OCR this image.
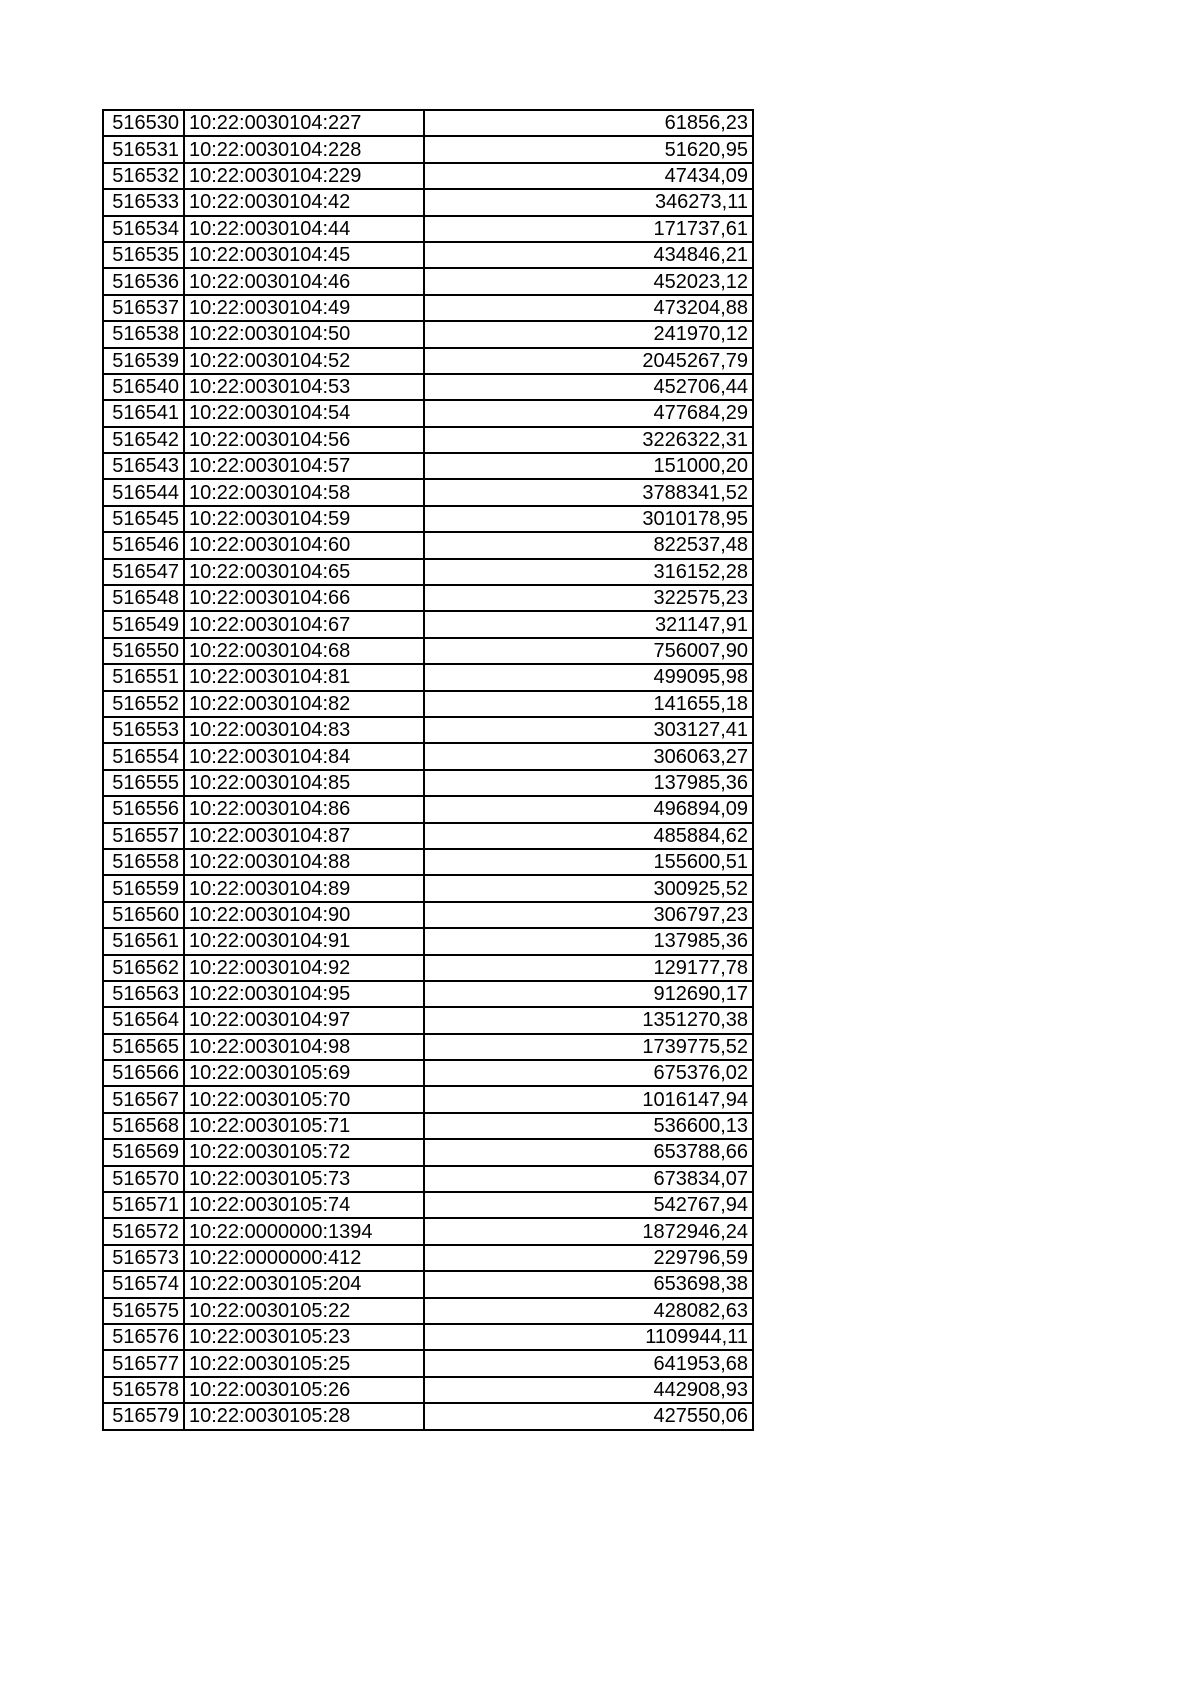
516530	10:22:0030104:227	61856,23
516531	10:22:0030104:228	51620,95
516532	10:22:0030104:229	47434,09
516533	10:22:0030104:42	346273,11
516534	10:22:0030104:44	171737,61
516535	10:22:0030104:45	434846,21
516536	10:22:0030104:46	452023,12
516537	10:22:0030104:49	473204,88
516538	10:22:0030104:50	241970,12
516539	10:22:0030104:52	2045267,79
516540	10:22:0030104:53	452706,44
516541	10:22:0030104:54	477684,29
516542	10:22:0030104:56	3226322,31
516543	10:22:0030104:57	151000,20
516544	10:22:0030104:58	3788341,52
516545	10:22:0030104:59	3010178,95
516546	10:22:0030104:60	822537,48
516547	10:22:0030104:65	316152,28
516548	10:22:0030104:66	322575,23
516549	10:22:0030104:67	321147,91
516550	10:22:0030104:68	756007,90
516551	10:22:0030104:81	499095,98
516552	10:22:0030104:82	141655,18
516553	10:22:0030104:83	303127,41
516554	10:22:0030104:84	306063,27
516555	10:22:0030104:85	137985,36
516556	10:22:0030104:86	496894,09
516557	10:22:0030104:87	485884,62
516558	10:22:0030104:88	155600,51
516559	10:22:0030104:89	300925,52
516560	10:22:0030104:90	306797,23
516561	10:22:0030104:91	137985,36
516562	10:22:0030104:92	129177,78
516563	10:22:0030104:95	912690,17
516564	10:22:0030104:97	1351270,38
516565	10:22:0030104:98	1739775,52
516566	10:22:0030105:69	675376,02
516567	10:22:0030105:70	1016147,94
516568	10:22:0030105:71	536600,13
516569	10:22:0030105:72	653788,66
516570	10:22:0030105:73	673834,07
516571	10:22:0030105:74	542767,94
516572	10:22:0000000:1394	1872946,24
516573	10:22:0000000:412	229796,59
516574	10:22:0030105:204	653698,38
516575	10:22:0030105:22	428082,63
516576	10:22:0030105:23	1109944,11
516577	10:22:0030105:25	641953,68
516578	10:22:0030105:26	442908,93
516579	10:22:0030105:28	427550,06
